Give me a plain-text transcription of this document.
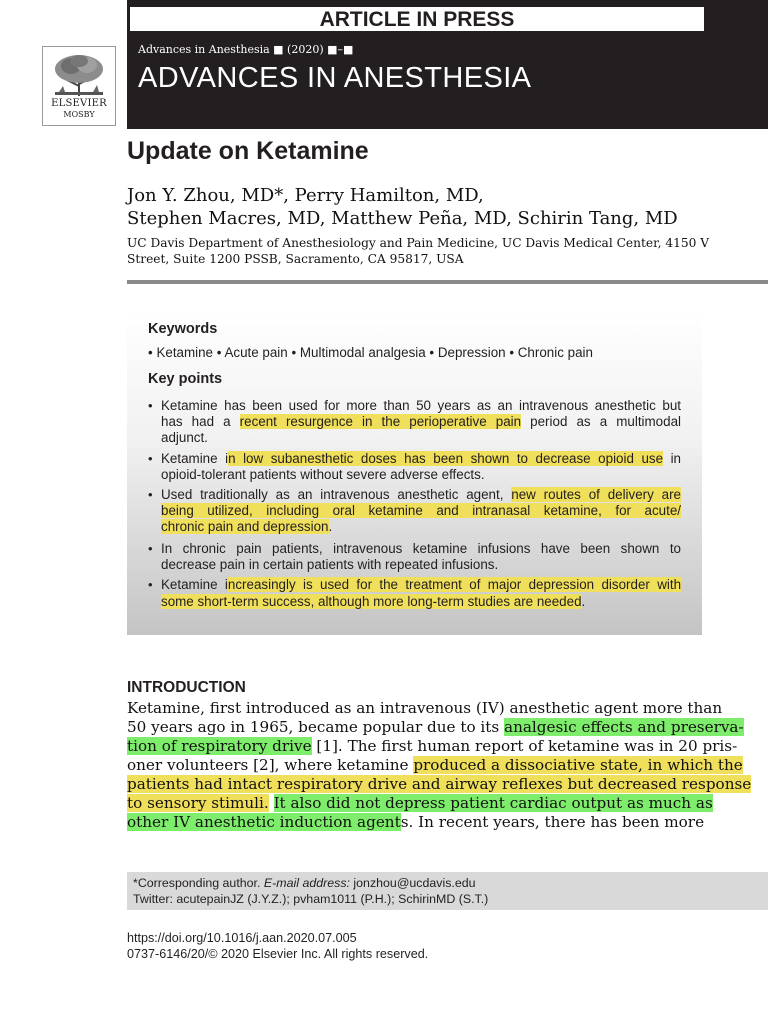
ELSEVIER
MOSBY
ARTICLE IN PRESS
Advances in Anesthesia ■ (2020) ■–■
ADVANCES IN ANESTHESIA
Update on Ketamine
Jon Y. Zhou, MD*, Perry Hamilton, MD,
Stephen Macres, MD, Matthew Peña, MD, Schirin Tang, MD
UC Davis Department of Anesthesiology and Pain Medicine, UC Davis Medical Center, 4150 V
Street, Suite 1200 PSSB, Sacramento, CA 95817, USA
Keywords
• Ketamine • Acute pain • Multimodal analgesia • Depression • Chronic pain
Key points
• Ketamine has been used for more than 50 years as an intravenous anesthetic but
has had a recent resurgence in the perioperative pain period as a multimodal
adjunct.
• Ketamine in low subanesthetic doses has been shown to decrease opioid use in
opioid-tolerant patients without severe adverse effects.
• Used traditionally as an intravenous anesthetic agent, new routes of delivery are
being utilized, including oral ketamine and intranasal ketamine, for acute/
chronic pain and depression.
• In chronic pain patients, intravenous ketamine infusions have been shown to
decrease pain in certain patients with repeated infusions.
• Ketamine increasingly is used for the treatment of major depression disorder with
some short-term success, although more long-term studies are needed.
INTRODUCTION
Ketamine, first introduced as an intravenous (IV) anesthetic agent more than
50 years ago in 1965, became popular due to its analgesic effects and preserva-
tion of respiratory drive [1]. The first human report of ketamine was in 20 pris-
oner volunteers [2], where ketamine produced a dissociative state, in which the
patients had intact respiratory drive and airway reflexes but decreased response
to sensory stimuli. It also did not depress patient cardiac output as much as
other IV anesthetic induction agents. In recent years, there has been more
*Corresponding author. E-mail address: jonzhou@ucdavis.edu
Twitter: acutepainJZ (J.Y.Z.); pvham1011 (P.H.); SchirinMD (S.T.)
https://doi.org/10.1016/j.aan.2020.07.005
0737-6146/20/© 2020 Elsevier Inc. All rights reserved.
